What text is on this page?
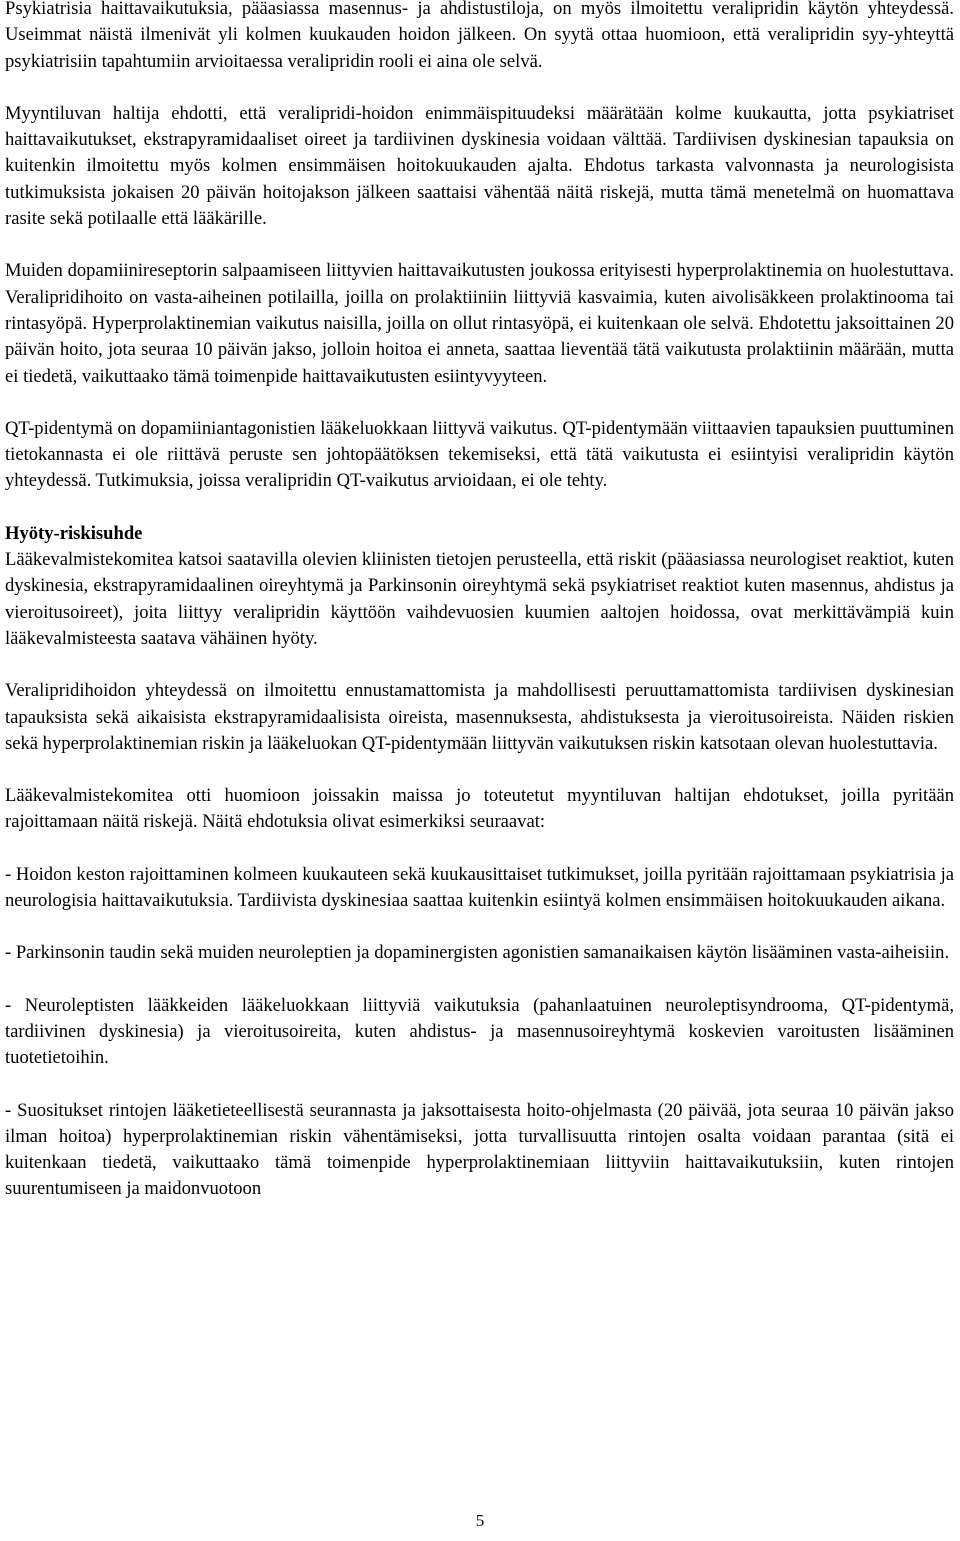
Psykiatrisia haittavaikutuksia, pääasiassa masennus- ja ahdistustiloja, on myös ilmoitettu veralipridin käytön yhteydessä. Useimmat näistä ilmenivät yli kolmen kuukauden hoidon jälkeen. On syytä ottaa huomioon, että veralipridin syy-yhteyttä psykiatrisiin tapahtumiin arvioitaessa veralipridin rooli ei aina ole selvä.

Myyntiluvan haltija ehdotti, että veralipridi-hoidon enimmäispituudeksi määrätään kolme kuukautta, jotta psykiatriset haittavaikutukset, ekstrapyramidaaliset oireet ja tardiivinen dyskinesia voidaan välttää. Tardiivisen dyskinesian tapauksia on kuitenkin ilmoitettu myös kolmen ensimmäisen hoitokuukauden ajalta. Ehdotus tarkasta valvonnasta ja neurologisista tutkimuksista jokaisen 20 päivän hoitojakson jälkeen saattaisi vähentää näitä riskejä, mutta tämä menetelmä on huomattava rasite sekä potilaalle että lääkärille.

Muiden dopamiinireseptorin salpaamiseen liittyvien haittavaikutusten joukossa erityisesti hyperprolaktinemia on huolestuttava. Veralipridihoito on vasta-aiheinen potilailla, joilla on prolaktiiniin liittyviä kasvaimia, kuten aivolisäkkeen prolaktinooma tai rintasyöpä. Hyperprolaktinemian vaikutus naisilla, joilla on ollut rintasyöpä, ei kuitenkaan ole selvä. Ehdotettu jaksoittainen 20 päivän hoito, jota seuraa 10 päivän jakso, jolloin hoitoa ei anneta, saattaa lieventää tätä vaikutusta prolaktiinin määrään, mutta ei tiedetä, vaikuttaako tämä toimenpide haittavaikutusten esiintyvyyteen.

QT-pidentymä on dopamiiniantagonistien lääkeluokkaan liittyvä vaikutus. QT-pidentymään viittaavien tapauksien puuttuminen tietokannasta ei ole riittävä peruste sen johtopäätöksen tekemiseksi, että tätä vaikutusta ei esiintyisi veralipridin käytön yhteydessä. Tutkimuksia, joissa veralipridin QT-vaikutus arvioidaan, ei ole tehty.

Hyöty-riskisuhde

Lääkevalmistekomitea katsoi saatavilla olevien kliinisten tietojen perusteella, että riskit (pääasiassa neurologiset reaktiot, kuten dyskinesia, ekstrapyramidaalinen oireyhtymä ja Parkinsonin oireyhtymä sekä psykiatriset reaktiot kuten masennus, ahdistus ja vieroitusoireet), joita liittyy veralipridin käyttöön vaihdevuosien kuumien aaltojen hoidossa, ovat merkittävämpiä kuin lääkevalmisteesta saatava vähäinen hyöty.

Veralipridihoidon yhteydessä on ilmoitettu ennustamattomista ja mahdollisesti peruuttamattomista tardiivisen dyskinesian tapauksista sekä aikaisista ekstrapyramidaalisista oireista, masennuksesta, ahdistuksesta ja vieroitusoireista. Näiden riskien sekä hyperprolaktinemian riskin ja lääkeluokan QT-pidentymään liittyvän vaikutuksen riskin katsotaan olevan huolestuttavia.

Lääkevalmistekomitea otti huomioon joissakin maissa jo toteutetut myyntiluvan haltijan ehdotukset, joilla pyritään rajoittamaan näitä riskejä. Näitä ehdotuksia olivat esimerkiksi seuraavat:

- Hoidon keston rajoittaminen kolmeen kuukauteen sekä kuukausittaiset tutkimukset, joilla pyritään rajoittamaan psykiatrisia ja neurologisia haittavaikutuksia. Tardiivista dyskinesiaa saattaa kuitenkin esiintyä kolmen ensimmäisen hoitokuukauden aikana.

- Parkinsonin taudin sekä muiden neuroleptien ja dopaminergisten agonistien samanaikaisen käytön lisääminen vasta-aiheisiin.

- Neuroleptisten lääkkeiden lääkeluokkaan liittyviä vaikutuksia (pahanlaatuinen neuroleptisyndrooma, QT-pidentymä, tardiivinen dyskinesia) ja vieroitusoireita, kuten ahdistus- ja masennusoireyhtymä koskevien varoitusten lisääminen tuotetietoihin.

- Suositukset rintojen lääketieteellisestä seurannasta ja jaksottaisesta hoito-ohjelmasta (20 päivää, jota seuraa 10 päivän jakso ilman hoitoa) hyperprolaktinemian riskin vähentämiseksi, jotta turvallisuutta rintojen osalta voidaan parantaa (sitä ei kuitenkaan tiedetä, vaikuttaako tämä toimenpide hyperprolaktinemiaan liittyviin haittavaikutuksiin, kuten rintojen suurentumiseen ja maidonvuotoon

5
